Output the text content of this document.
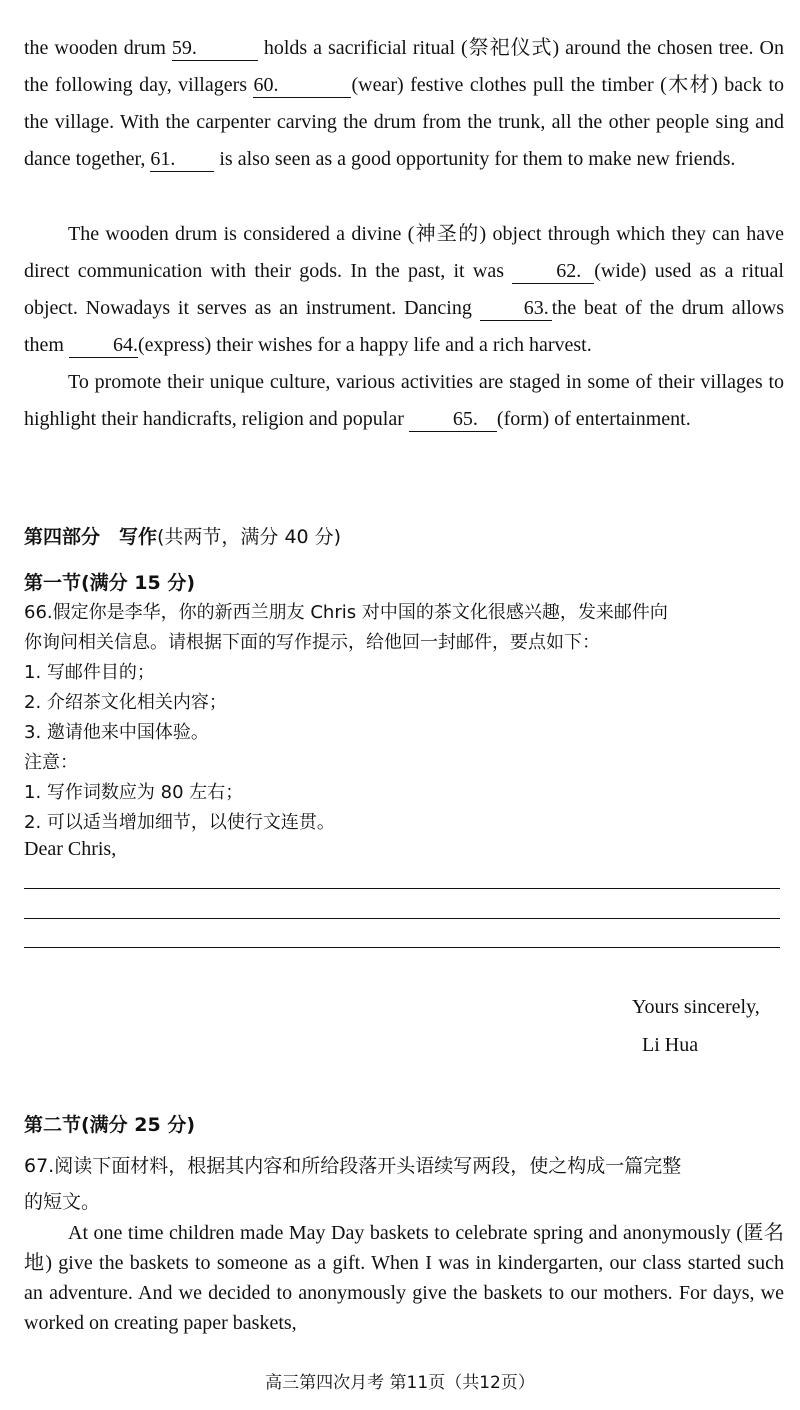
the wooden drum 59.	holds a sacrificial ritual (祭祀仪式) around the chosen tree. On the following day, villagers 60.	(wear) festive clothes pull the timber (木材) back to the village. With the carpenter carving the drum from the trunk, all the other people sing and dance together, 61. is also seen as a good opportunity for them to make new friends.
The wooden drum is considered a divine (神圣的) object through which they can have direct communication with their gods. In the past, it was 62. (wide) used as a ritual object. Nowadays it serves as an instrument. Dancing 63. the beat of the drum allows them 64.(express) their wishes for a happy life and a rich harvest.
To promote their unique culture, various activities are staged in some of their villages to highlight their handicrafts, religion and popular 65. (form) of entertainment.
第四部分　写作(共两节，满分 40 分)
第一节(满分 15 分)
66.假定你是李华，你的新西兰朋友 Chris 对中国的茶文化很感兴趣，发来邮件向
你询问相关信息。请根据下面的写作提示，给他回一封邮件，要点如下：
1. 写邮件目的；
2. 介绍茶文化相关内容；
3. 邀请他来中国体验。
注意：
1. 写作词数应为 80 左右；
2. 可以适当增加细节，以使行文连贯。
Dear Chris,
Yours sincerely,
Li Hua
第二节(满分 25 分)
67.阅读下面材料，根据其内容和所给段落开头语续写两段，使之构成一篇完整
的短文。
At one time children made May Day baskets to celebrate spring and anonymously (匿名地) give the baskets to someone as a gift. When I was in kindergarten, our class started such an adventure. And we decided to anonymously give the baskets to our mothers. For days, we worked on creating paper baskets,
高三第四次月考 第11页（共12页）
